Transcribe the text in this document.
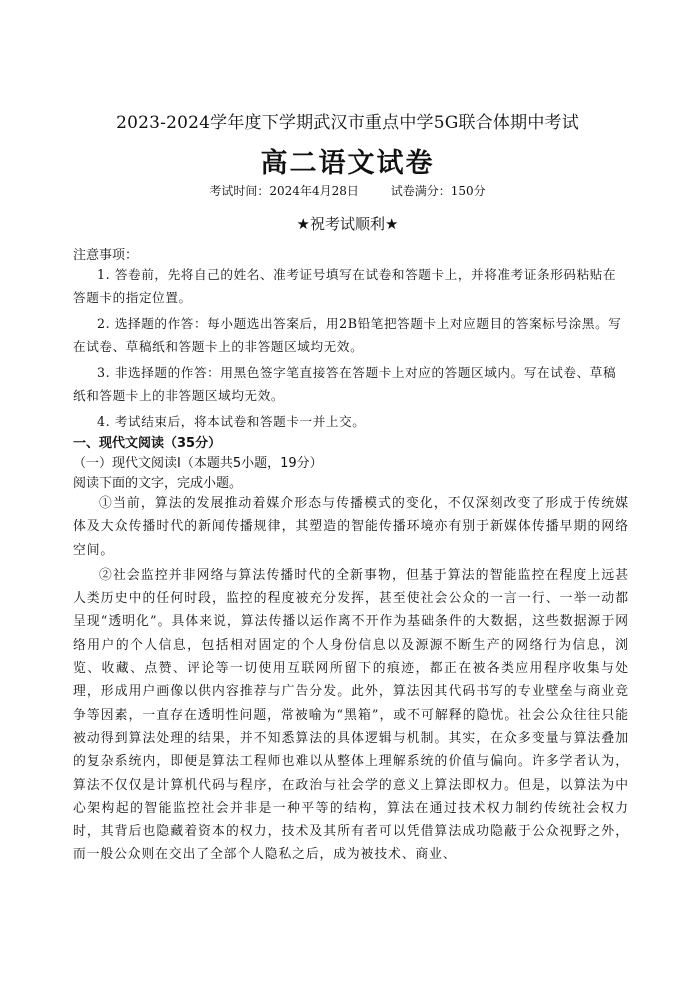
2023-2024学年度下学期武汉市重点中学5G联合体期中考试
高二语文试卷
考试时间：2024年4月28日	试卷满分：150分
★祝考试顺利★
注意事项：

1. 答卷前，先将自己的姓名、准考证号填写在试卷和答题卡上，并将准考证条形码粘贴在答题卡的指定位置。

2. 选择题的作答：每小题选出答案后，用2B铅笔把答题卡上对应题目的答案标号涂黑。写在试卷、草稿纸和答题卡上的非答题区域均无效。

3. 非选择题的作答：用黑色签字笔直接答在答题卡上对应的答题区域内。写在试卷、草稿纸和答题卡上的非答题区域均无效。

4. 考试结束后，将本试卷和答题卡一并上交。

一、现代文阅读（35分）
（一）现代文阅读Ⅰ（本题共5小题，19分）
阅读下面的文字，完成小题。

①当前，算法的发展推动着媒介形态与传播模式的变化，不仅深刻改变了形成于传统媒体及大众传播时代的新闻传播规律，其塑造的智能传播环境亦有别于新媒体传播早期的网络空间。

②社会监控并非网络与算法传播时代的全新事物，但基于算法的智能监控在程度上远甚人类历史中的任何时段，监控的程度被充分发挥，甚至使社会公众的一言一行、一举一动都呈现“透明化”。具体来说，算法传播以运作离不开作为基础条件的大数据，这些数据源于网络用户的个人信息，包括相对固定的个人身份信息以及源源不断生产的网络行为信息，浏览、收藏、点赞、评论等一切使用互联网所留下的痕迹，都正在被各类应用程序收集与处理，形成用户画像以供内容推荐与广告分发。此外，算法因其代码书写的专业壁垒与商业竞争等因素，一直存在透明性问题，常被喻为“黑箱”，或不可解释的隐忧。社会公众往往只能被动得到算法处理的结果，并不知悉算法的具体逻辑与机制。其实，在众多变量与算法叠加的复杂系统内，即便是算法工程师也难以从整体上理解系统的价值与偏向。许多学者认为，算法不仅仅是计算机代码与程序，在政治与社会学的意义上算法即权力。但是，以算法为中心架构起的智能监控社会并非是一种平等的结构，算法在通过技术权力制约传统社会权力时，其背后也隐藏着资本的权力，技术及其所有者可以凭借算法成功隐蔽于公众视野之外，而一般公众则在交出了全部个人隐私之后，成为被技术、商业、
